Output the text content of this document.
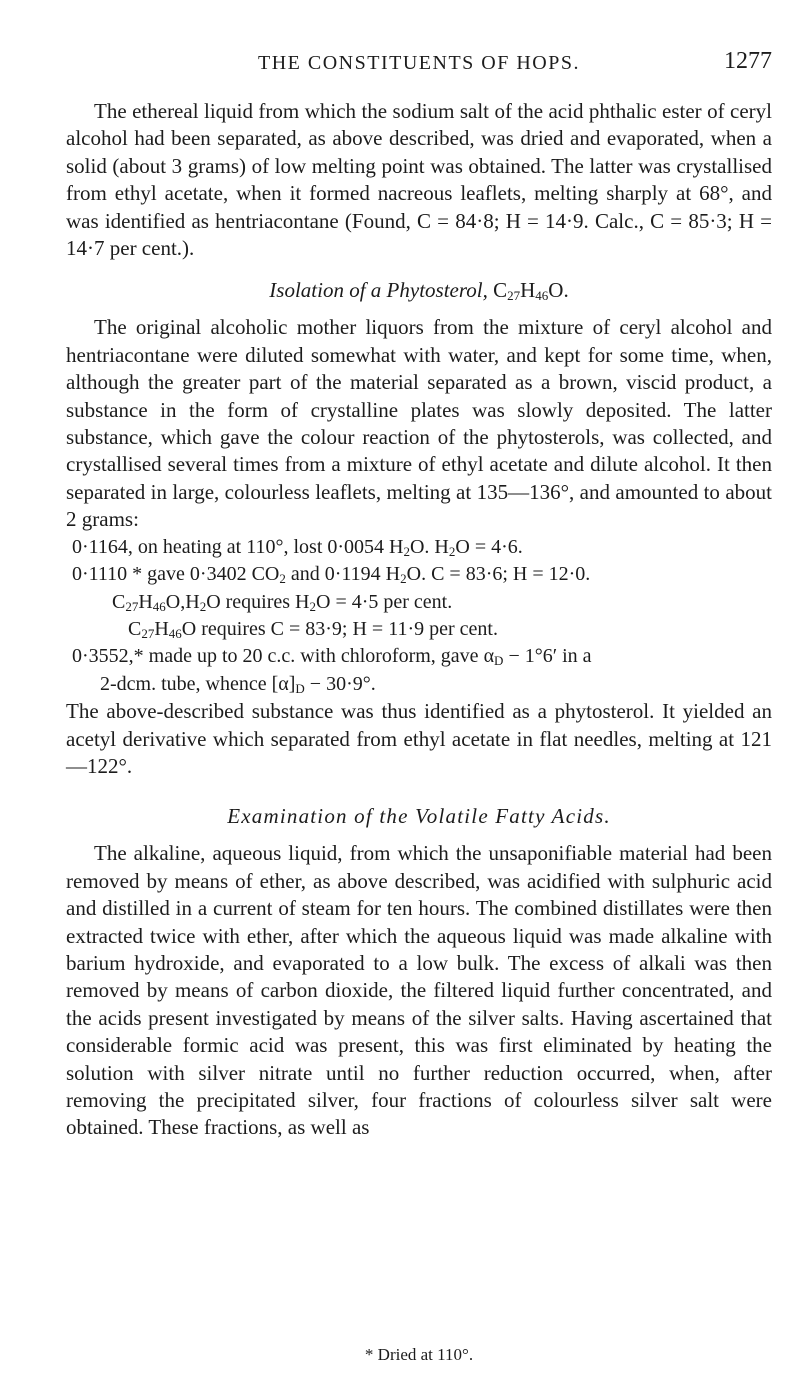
THE CONSTITUENTS OF HOPS.	1277

The ethereal liquid from which the sodium salt of the acid phthalic ester of ceryl alcohol had been separated, as above described, was dried and evaporated, when a solid (about 3 grams) of low melting point was obtained. The latter was crystallised from ethyl acetate, when it formed nacreous leaflets, melting sharply at 68°, and was identified as hentriacontane (Found, C = 84·8; H = 14·9. Calc., C = 85·3; H = 14·7 per cent.).

Isolation of a Phytosterol, $C_{27}H_{46}O$.

The original alcoholic mother liquors from the mixture of ceryl alcohol and hentriacontane were diluted somewhat with water, and kept for some time, when, although the greater part of the material separated as a brown, viscid product, a substance in the form of crystalline plates was slowly deposited. The latter substance, which gave the colour reaction of the phytosterols, was collected, and crystallised several times from a mixture of ethyl acetate and dilute alcohol. It then separated in large, colourless leaflets, melting at 135—136°, and amounted to about 2 grams:

0·1164, on heating at 110°, lost 0·0054 $H_2O$. $H_2O = 4\cdot 6$.
0·1110 * gave 0·3402 $CO_2$ and 0·1194 $H_2O$. C = 83·6; H = 12·0.
$C_{27}H_{46}O,H_2O$ requires $H_2O = 4\cdot 5$ per cent.
$C_{27}H_{46}O$ requires C = 83·9; H = 11·9 per cent.
0·3552,* made up to 20 c.c. with chloroform, gave $\alpha_D - 1^\circ 6'$ in a
2-dcm. tube, whence $[\alpha]_D - 30\cdot 9^\circ$.

The above-described substance was thus identified as a phytosterol. It yielded an acetyl derivative which separated from ethyl acetate in flat needles, melting at 121—122°.

Examination of the Volatile Fatty Acids.

The alkaline, aqueous liquid, from which the unsaponifiable material had been removed by means of ether, as above described, was acidified with sulphuric acid and distilled in a current of steam for ten hours. The combined distillates were then extracted twice with ether, after which the aqueous liquid was made alkaline with barium hydroxide, and evaporated to a low bulk. The excess of alkali was then removed by means of carbon dioxide, the filtered liquid further concentrated, and the acids present investigated by means of the silver salts. Having ascertained that considerable formic acid was present, this was first eliminated by heating the solution with silver nitrate until no further reduction occurred, when, after removing the precipitated silver, four fractions of colourless silver salt were obtained. These fractions, as well as

* Dried at 110°.
